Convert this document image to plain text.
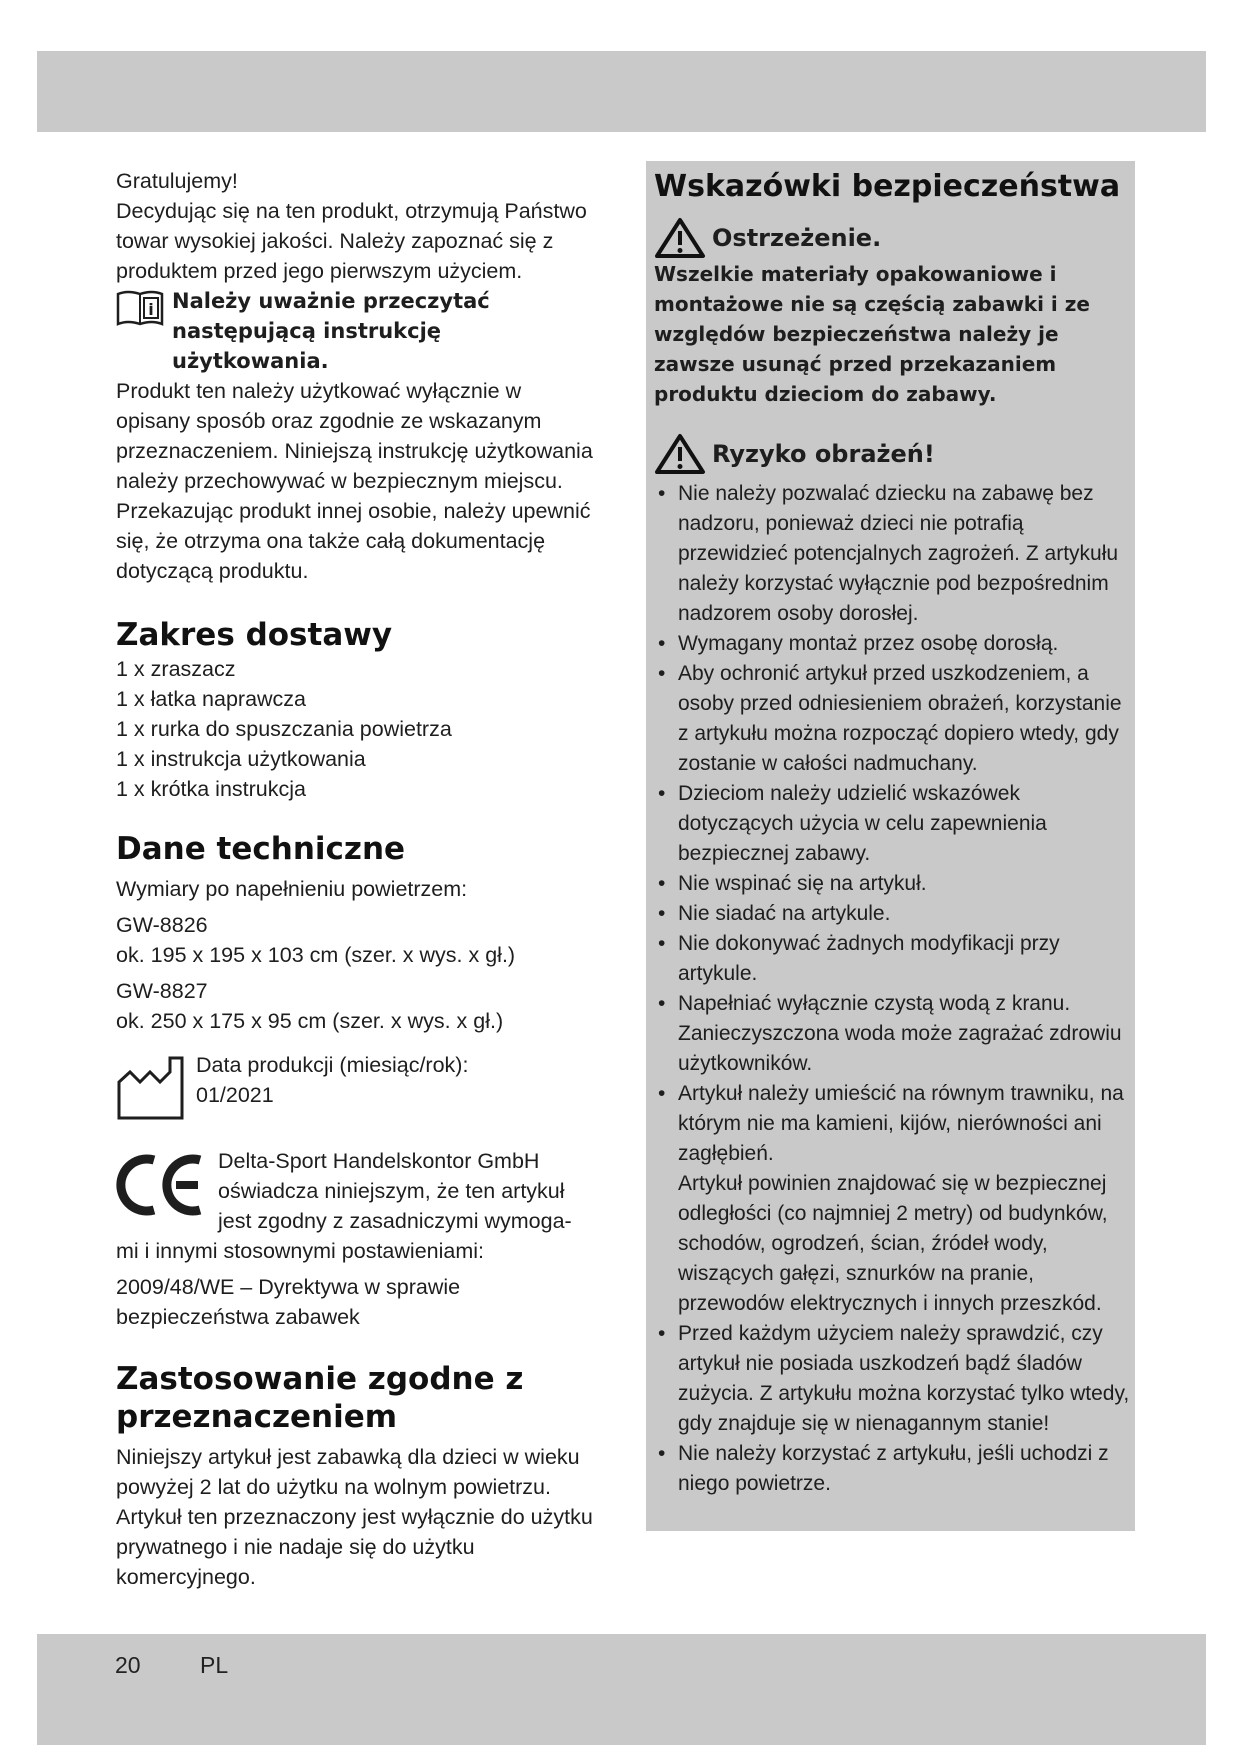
Gratulujemy!

Decydując się na ten produkt, otrzymują Państwo towar wysokiej jakości. Należy zapoznać się z produktem przed jego pierwszym użyciem.

i Należy uważnie przeczytać następującą instrukcję użytkowania.

Produkt ten należy użytkować wyłącznie w opisany sposób oraz zgodnie ze wskazanym przeznaczeniem. Niniejszą instrukcję użytkowania należy przechowywać w bezpiecznym miejscu. Przekazując produkt innej osobie, należy upewnić się, że otrzyma ona także całą dokumentację dotyczącą produktu.

Zakres dostawy

1 x zraszacz

1 x łatka naprawcza

1 x rurka do spuszczania powietrza

1 x instrukcja użytkowania

1 x krótka instrukcja

Dane techniczne

Wymiary po napełnieniu powietrzem:

GW-8826

ok. 195 x 195 x 103 cm (szer. x wys. x gł.)

GW-8827

ok. 250 x 175 x 95 cm (szer. x wys. x gł.)

Data produkcji (miesiąc/rok):

01/2021

Delta-Sport Handelskontor GmbH

oświadcza niniejszym, że ten artykuł

jest zgodny z zasadniczymi wymoga-

mi i innymi stosownymi postawieniami:

2009/48/WE – Dyrektywa w sprawie bezpieczeństwa zabawek

Zastosowanie zgodne z przeznaczeniem

Niniejszy artykuł jest zabawką dla dzieci w wieku powyżej 2 lat do użytku na wolnym powietrzu.

Artykuł ten przeznaczony jest wyłącznie do użytku prywatnego i nie nadaje się do użytku komercyjnego.

Wskazówki bezpieczeństwa
Ostrzeżenie.
Wszelkie materiały opakowaniowe i montażowe nie są częścią zabawki i ze względów bezpieczeństwa należy je zawsze usunąć przed przekazaniem produktu dzieciom do zabawy.
Ryzyko obrażeń!
• Nie należy pozwalać dziecku na zabawę bez nadzoru, ponieważ dzieci nie potrafią przewidzieć potencjalnych zagrożeń. Z artykułu należy korzystać wyłącznie pod bezpośrednim nadzorem osoby dorosłej.
• Wymagany montaż przez osobę dorosłą.
• Aby ochronić artykuł przed uszkodzeniem, a osoby przed odniesieniem obrażeń, korzystanie z artykułu można rozpocząć dopiero wtedy, gdy zostanie w całości nadmuchany.
• Dzieciom należy udzielić wskazówek dotyczących użycia w celu zapewnienia bezpiecznej zabawy.
• Nie wspinać się na artykuł.
• Nie siadać na artykule.
• Nie dokonywać żadnych modyfikacji przy artykule.
• Napełniać wyłącznie czystą wodą z kranu. Zanieczyszczona woda może zagrażać zdrowiu użytkowników.
• Artykuł należy umieścić na równym trawniku, na którym nie ma kamieni, kijów, nierówności ani zagłębień.
Artykuł powinien znajdować się w bezpiecznej odległości (co najmniej 2 metry) od budynków, schodów, ogrodzeń, ścian, źródeł wody, wiszących gałęzi, sznurków na pranie, przewodów elektrycznych i innych przeszkód.
• Przed każdym użyciem należy sprawdzić, czy artykuł nie posiada uszkodzeń bądź śladów zużycia. Z artykułu można korzystać tylko wtedy, gdy znajduje się w nienagannym stanie!
• Nie należy korzystać z artykułu, jeśli uchodzi z niego powietrze.
20	PL
